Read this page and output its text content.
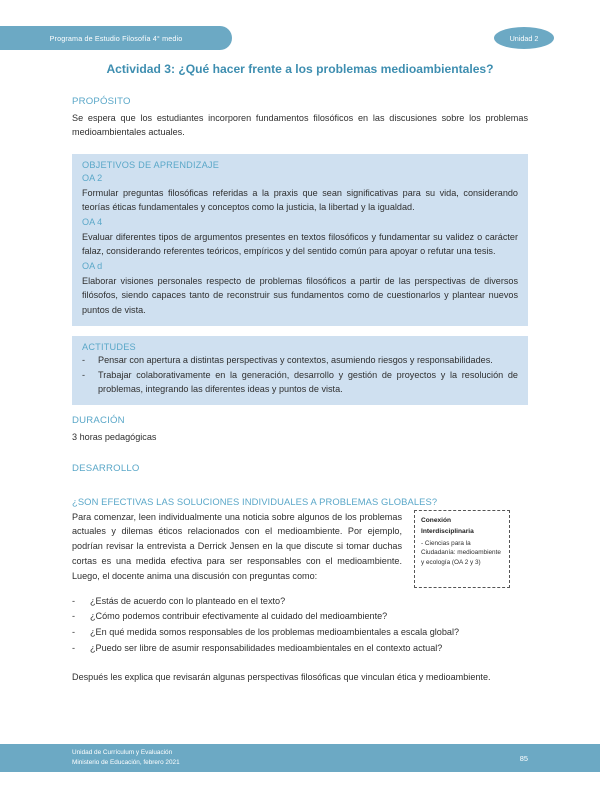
Programa de Estudio Filosofía 4° medio	Unidad 2
Actividad 3: ¿Qué hacer frente a los problemas medioambientales?
PROPÓSITO

Se espera que los estudiantes incorporen fundamentos filosóficos en las discusiones sobre los problemas medioambientales actuales.

OBJETIVOS DE APRENDIZAJE
OA 2

Formular preguntas filosóficas referidas a la praxis que sean significativas para su vida, considerando teorías éticas fundamentales y conceptos como la justicia, la libertad y la igualdad.

OA 4

Evaluar diferentes tipos de argumentos presentes en textos filosóficos y fundamentar su validez o carácter falaz, considerando referentes teóricos, empíricos y del sentido común para apoyar o refutar una tesis.

OA d

Elaborar visiones personales respecto de problemas filosóficos a partir de las perspectivas de diversos filósofos, siendo capaces tanto de reconstruir sus fundamentos como de cuestionarlos y plantear nuevos puntos de vista.

ACTITUDES
-	Pensar con apertura a distintas perspectivas y contextos, asumiendo riesgos y responsabilidades.
-	Trabajar colaborativamente en la generación, desarrollo y gestión de proyectos y la resolución de problemas, integrando las diferentes ideas y puntos de vista.
DURACIÓN

3 horas pedagógicas

DESARROLLO
¿SON EFECTIVAS LAS SOLUCIONES INDIVIDUALES A PROBLEMAS GLOBALES?

Para comenzar, leen individualmente una noticia sobre algunos de los problemas actuales y dilemas éticos relacionados con el medioambiente. Por ejemplo, podrían revisar la entrevista a Derrick Jensen en la que discute si tomar duchas cortas es una medida efectiva para ser responsables con el medioambiente. Luego, el docente anima una discusión con preguntas como:

Conexión
Interdisciplinaria

- Ciencias para la Ciudadanía: medioambiente y ecología (OA 2 y 3)

-	¿Estás de acuerdo con lo planteado en el texto?
-	¿Cómo podemos contribuir efectivamente al cuidado del medioambiente?
-	¿En qué medida somos responsables de los problemas medioambientales a escala global?
-	¿Puedo ser libre de asumir responsabilidades medioambientales en el contexto actual?

Después les explica que revisarán algunas perspectivas filosóficas que vinculan ética y medioambiente.

Unidad de Currículum y Evaluación
Ministerio de Educación, febrero 2021	85
